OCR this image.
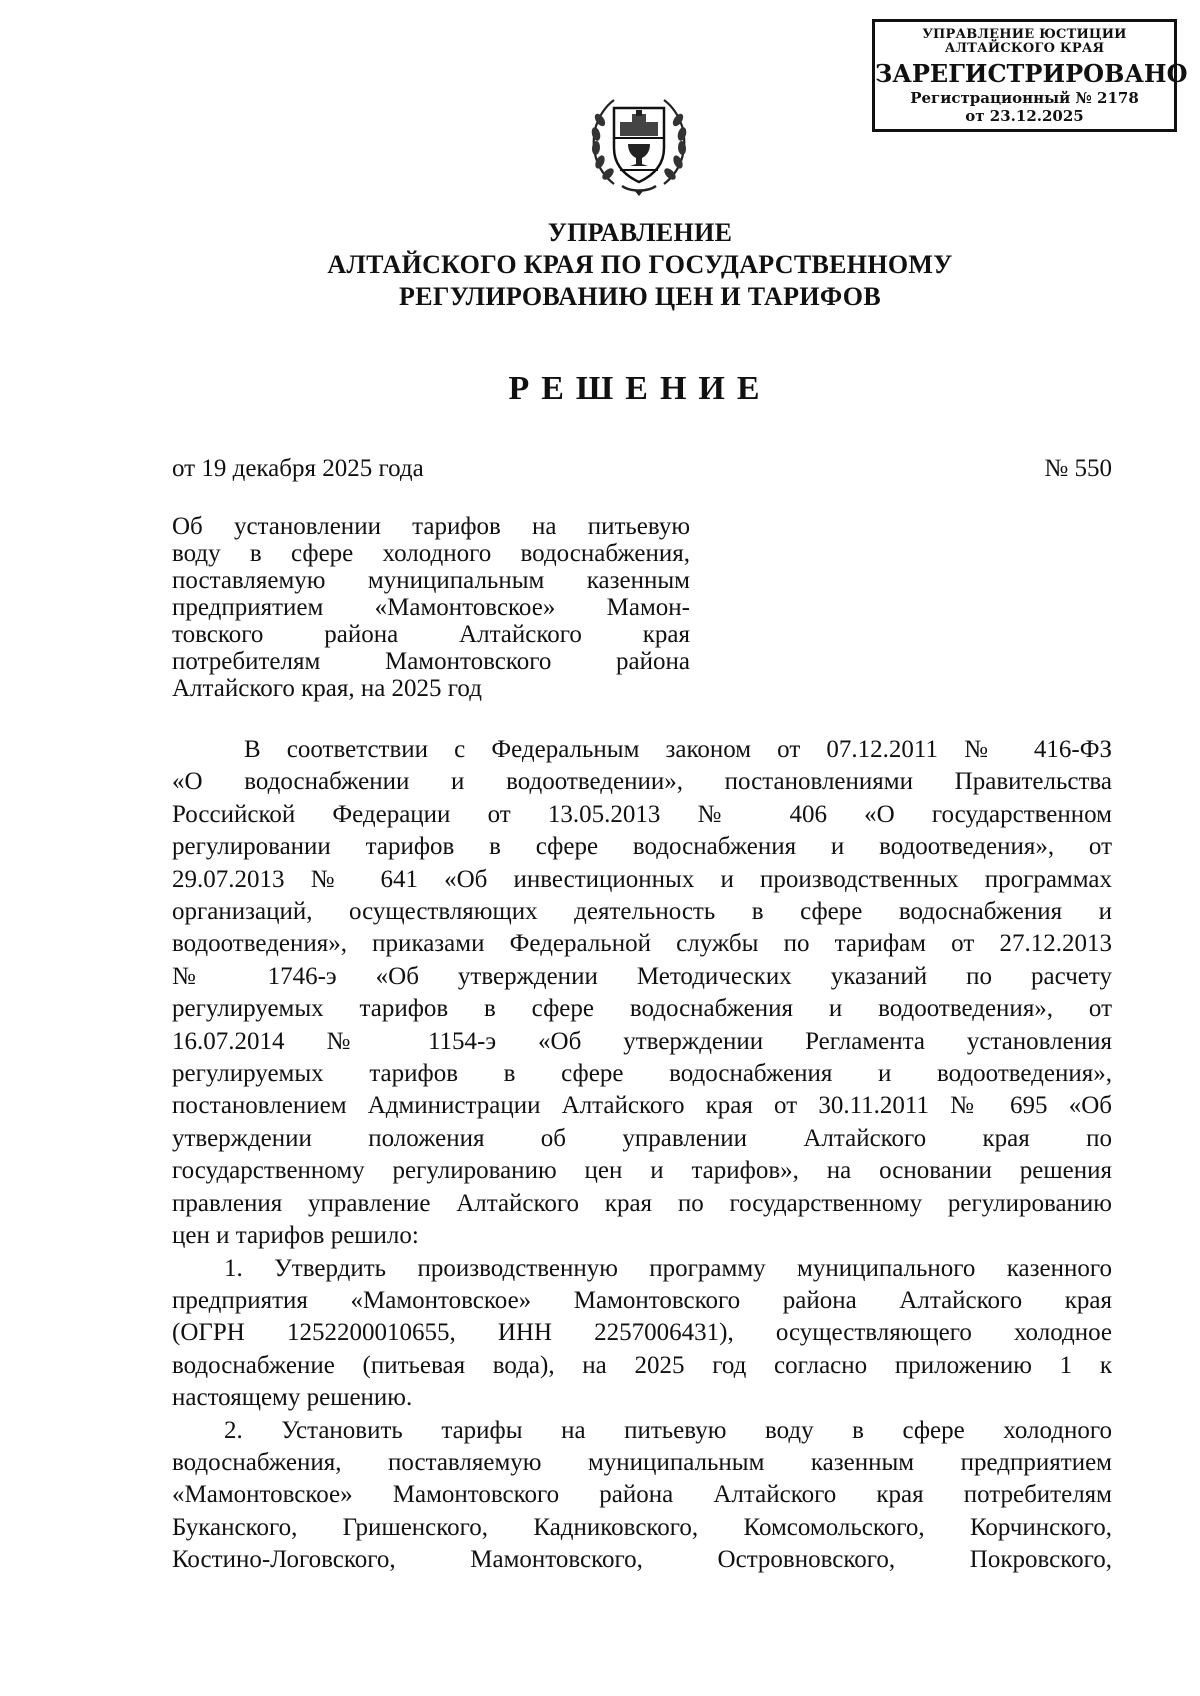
УПРАВЛЕНИЕ ЮСТИЦИИ
АЛТАЙСКОГО КРАЯ
ЗАРЕГИСТРИРОВАНО
Регистрационный № 2178
от 23.12.2025
УПРАВЛЕНИЕ
АЛТАЙСКОГО КРАЯ ПО ГОСУДАРСТВЕННОМУ
РЕГУЛИРОВАНИЮ ЦЕН И ТАРИФОВ
РЕШЕНИЕ
от 19 декабря 2025 года	№ 550
Об установлении тарифов на питьевую
воду в сфере холодного водоснабжения,
поставляемую муниципальным казенным
предприятием «Мамонтовское» Мамон-
товского района Алтайского края
потребителям Мамонтовского района
Алтайского края, на 2025 год
В соответствии с Федеральным законом от 07.12.2011 № 416-ФЗ
«О водоснабжении и водоотведении», постановлениями Правительства
Российской Федерации от 13.05.2013 № 406 «О государственном
регулировании тарифов в сфере водоснабжения и водоотведения», от
29.07.2013 № 641 «Об инвестиционных и производственных программах
организаций, осуществляющих деятельность в сфере водоснабжения и
водоотведения», приказами Федеральной службы по тарифам от 27.12.2013
№ 1746-э «Об утверждении Методических указаний по расчету
регулируемых тарифов в сфере водоснабжения и водоотведения», от
16.07.2014 № 1154-э «Об утверждении Регламента установления
регулируемых тарифов в сфере водоснабжения и водоотведения»,
постановлением Администрации Алтайского края от 30.11.2011 № 695 «Об
утверждении положения об управлении Алтайского края по
государственному регулированию цен и тарифов», на основании решения
правления управление Алтайского края по государственному регулированию
цен и тарифов решило:
1. Утвердить производственную программу муниципального казенного
предприятия «Мамонтовское» Мамонтовского района Алтайского края
(ОГРН 1252200010655, ИНН 2257006431), осуществляющего холодное
водоснабжение (питьевая вода), на 2025 год согласно приложению 1 к
настоящему решению.
2. Установить тарифы на питьевую воду в сфере холодного
водоснабжения, поставляемую муниципальным казенным предприятием
«Мамонтовское» Мамонтовского района Алтайского края потребителям
Буканского, Гришенского, Кадниковского, Комсомольского, Корчинского,
Костино-Логовского, Мамонтовского, Островновского, Покровского,
